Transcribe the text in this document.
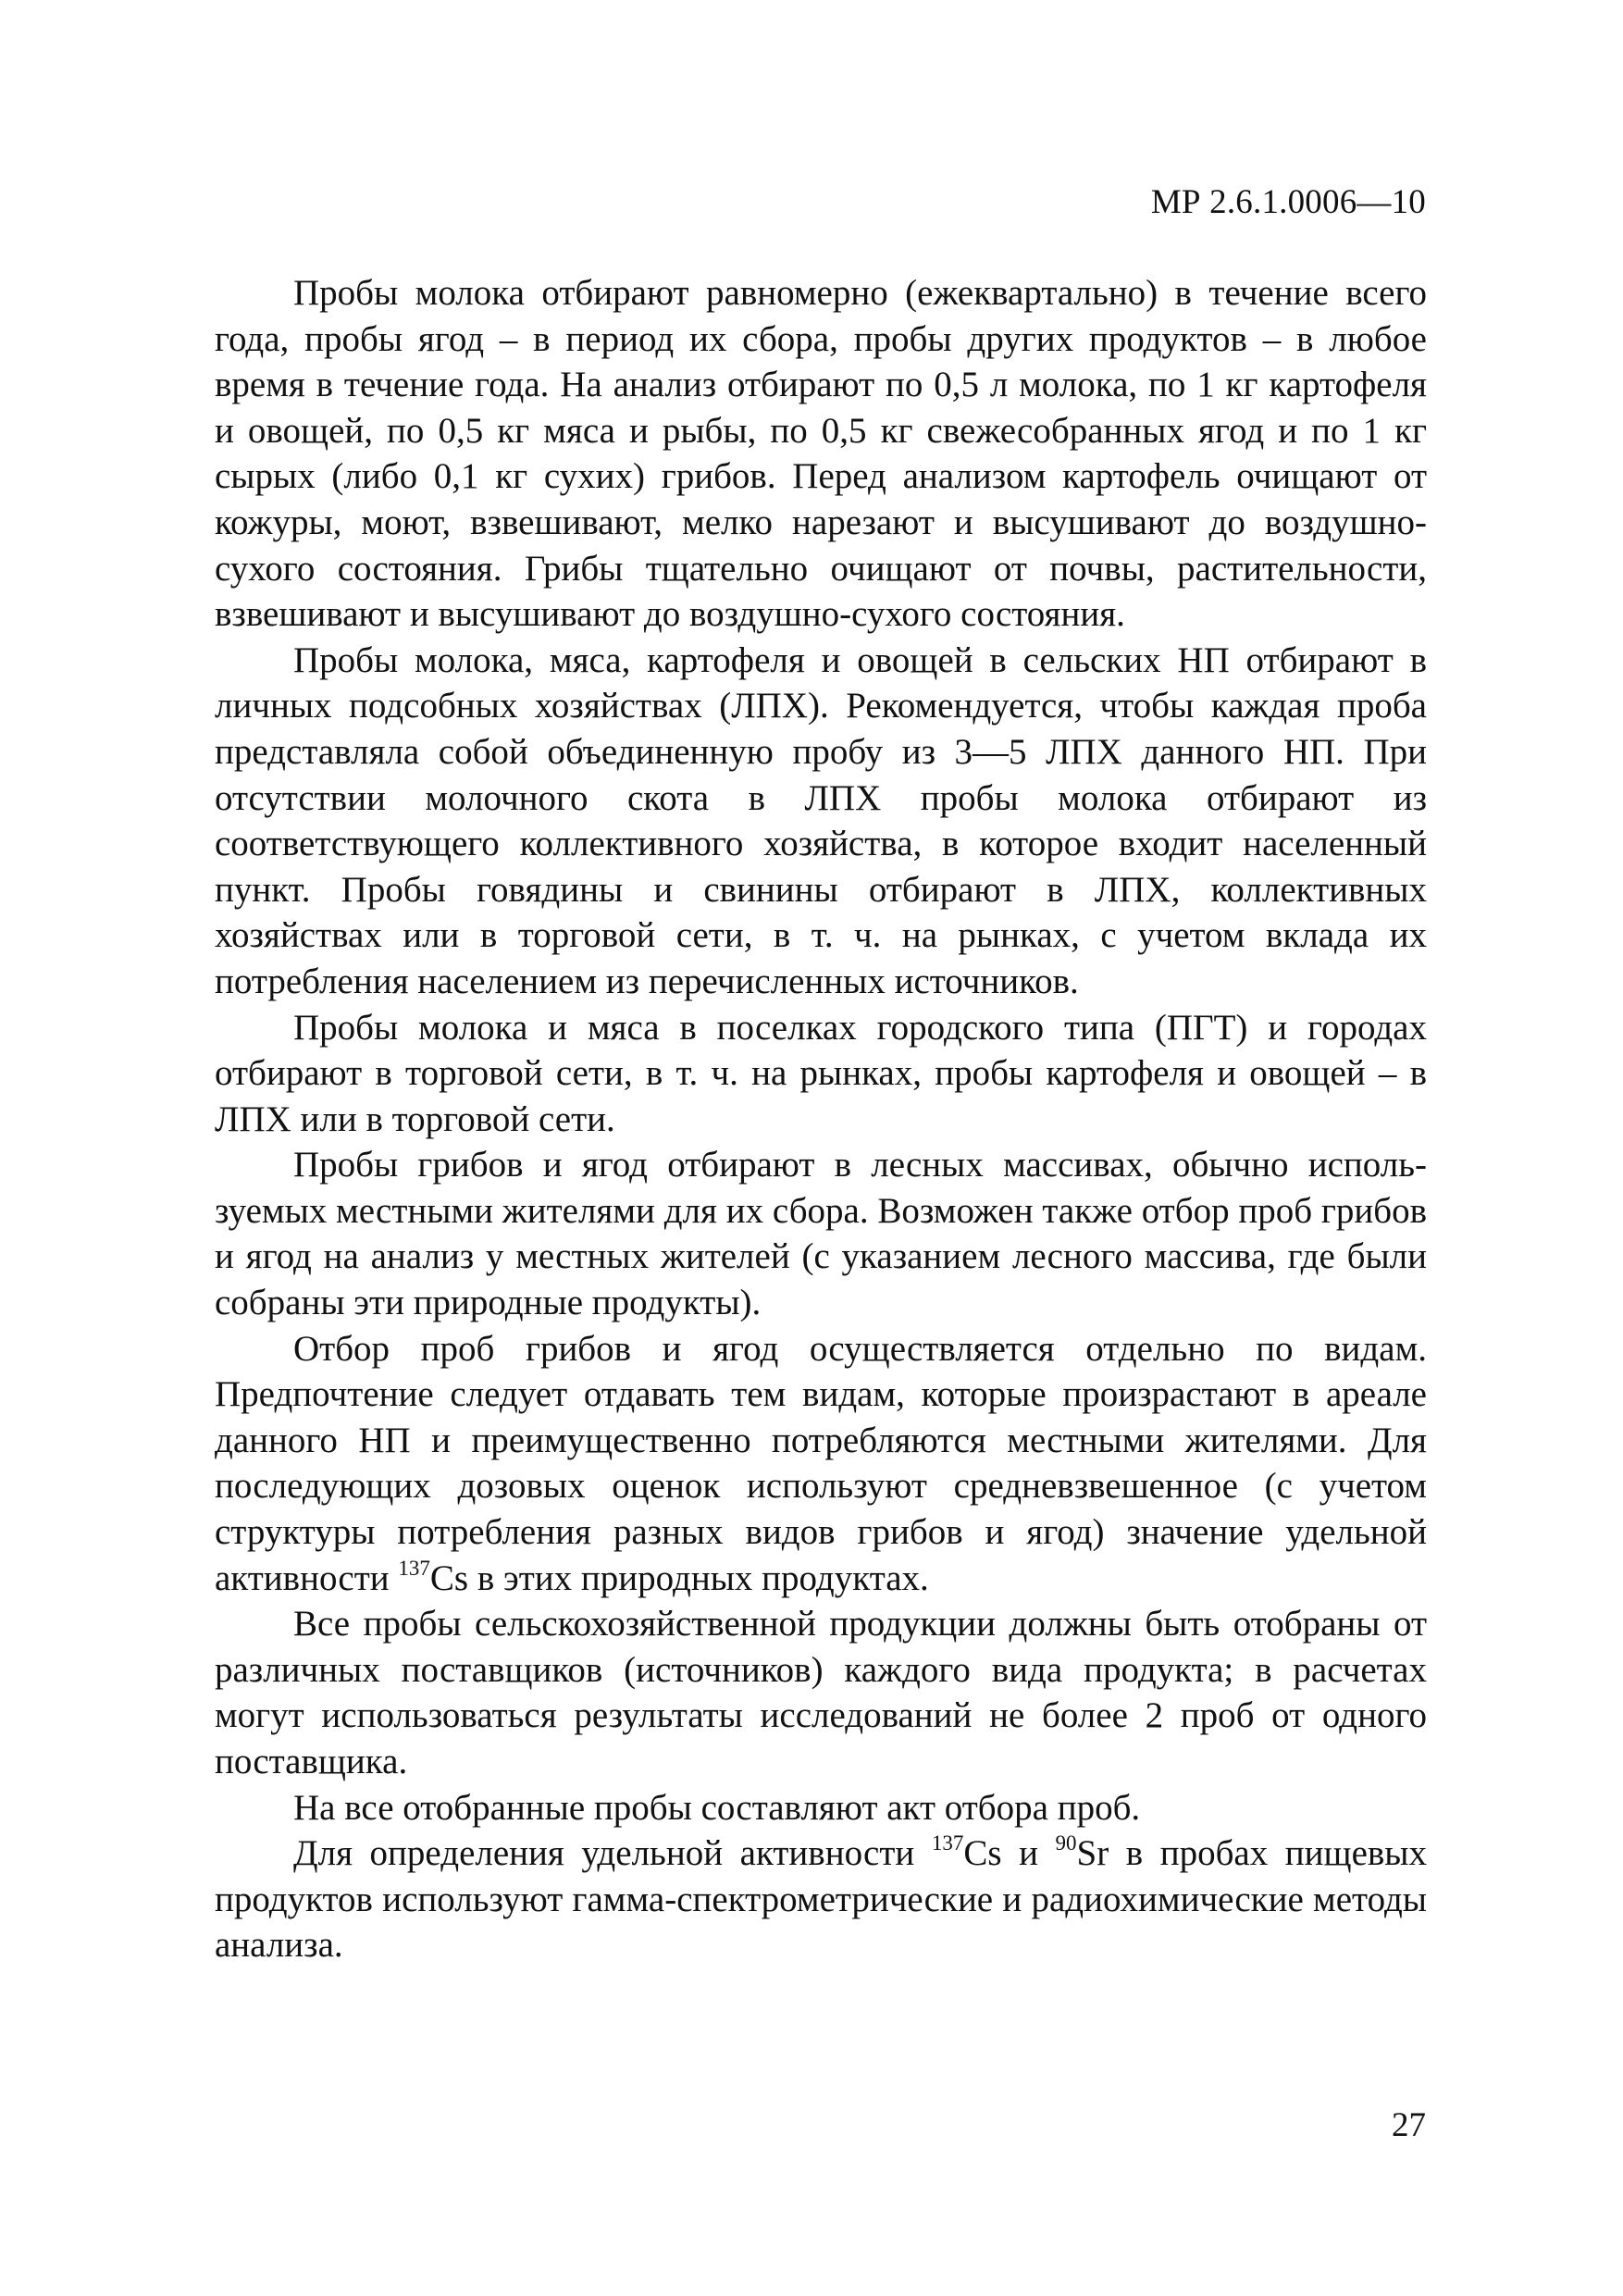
МР 2.6.1.0006—10

Пробы молока отбирают равномерно (ежеквартально) в течение всего года, пробы ягод – в период их сбора, пробы других продуктов – в любое время в течение года. На анализ отбирают по 0,5 л молока, по 1 кг картофеля и овощей, по 0,5 кг мяса и рыбы, по 0,5 кг свежесобранных ягод и по 1 кг сырых (либо 0,1 кг сухих) грибов. Перед анализом картофель очищают от кожуры, моют, взвешивают, мелко нарезают и высушивают до воздушно-сухого состояния. Грибы тщательно очищают от почвы, растительности, взвешивают и высушивают до воздушно-сухого состояния.

Пробы молока, мяса, картофеля и овощей в сельских НП отбирают в личных подсобных хозяйствах (ЛПХ). Рекомендуется, чтобы каждая проба представляла собой объединенную пробу из 3—5 ЛПХ данного НП. При отсутствии молочного скота в ЛПХ пробы молока отбирают из соответствующего коллективного хозяйства, в которое входит населенный пункт. Пробы говядины и свинины отбирают в ЛПХ, коллективных хозяйствах или в торговой сети, в т. ч. на рынках, с учетом вклада их потребления населением из перечисленных источников.

Пробы молока и мяса в поселках городского типа (ПГТ) и городах отбирают в торговой сети, в т. ч. на рынках, пробы картофеля и овощей – в ЛПХ или в торговой сети.

Пробы грибов и ягод отбирают в лесных массивах, обычно используемых местными жителями для их сбора. Возможен также отбор проб грибов и ягод на анализ у местных жителей (с указанием лесного массива, где были собраны эти природные продукты).

Отбор проб грибов и ягод осуществляется отдельно по видам. Предпочтение следует отдавать тем видам, которые произрастают в ареале данного НП и преимущественно потребляются местными жителями. Для последующих дозовых оценок используют средневзвешенное (с учетом структуры потребления разных видов грибов и ягод) значение удельной активности $^{137}$Cs в этих природных продуктах.

Все пробы сельскохозяйственной продукции должны быть отобраны от различных поставщиков (источников) каждого вида продукта; в расчетах могут использоваться результаты исследований не более 2 проб от одного поставщика.

На все отобранные пробы составляют акт отбора проб.

Для определения удельной активности $^{137}$Cs и $^{90}$Sr в пробах пищевых продуктов используют гамма-спектрометрические и радиохимические методы анализа.

27
